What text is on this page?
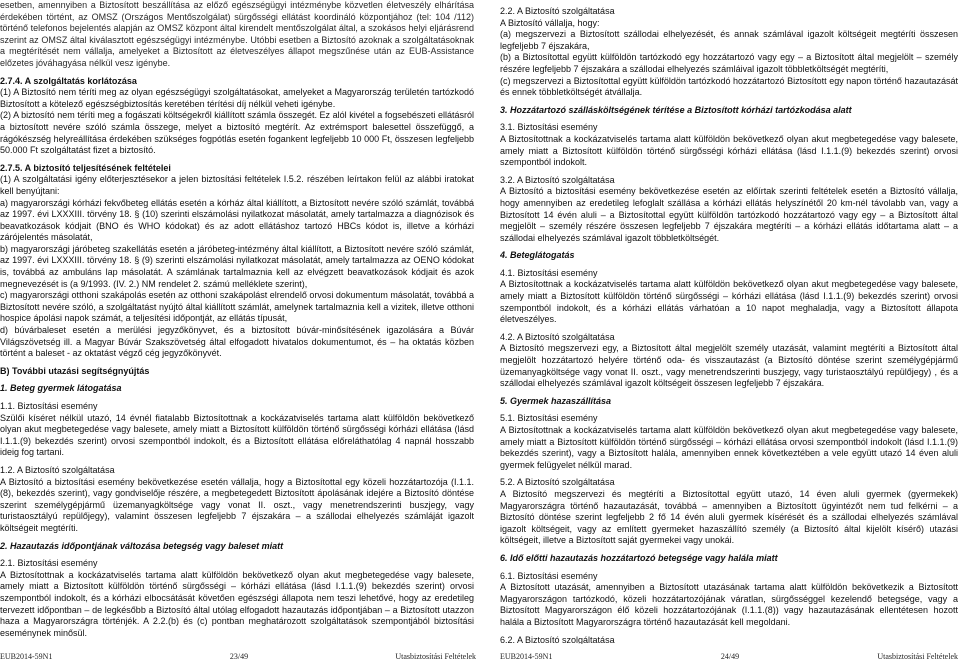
esetben, amennyiben a Biztosított beszállítása az előző egészségügyi intézménybe közvetlen életveszély elhárítása érdekében történt, az OMSZ (Országos Mentőszolgálat) sürgősségi ellátást koordináló központjához (tel: 104 /112) történő telefonos bejelentés alapján az OMSZ központ által kirendelt mentőszolgálat által, a szokásos helyi eljárásrend szerint az OMSZ által kiválasztott egészségügyi intézménybe. Utóbbi esetben a Biztosító azoknak a szolgáltatásoknak a megtérítését nem vállalja, amelyeket a Biztosított az életveszélyes állapot megszűnése után az EUB-Assistance előzetes jóváhagyása nélkül vesz igénybe.

2.7.4. A szolgáltatás korlátozása

(1) A Biztosító nem téríti meg az olyan egészségügyi szolgáltatásokat, amelyeket a Magyarország területén tartózkodó Biztosított a kötelező egészségbiztosítás keretében térítési díj nélkül veheti igénybe.

(2) A biztosító nem téríti meg a fogászati költségekről kiállított számla összegét. Ez alól kivétel a fogsebészeti ellátásról a biztosított nevére szóló számla összege, melyet a biztosító megtérít. Az extrémsport balesettel összefüggő, a rágókészség helyreállítása érdekében szükséges fogpótlás esetén fogankent legfeljebb 10 000 Ft, összesen legfeljebb 50.000 Ft szolgáltatást fizet a biztosító.

2.7.5. A biztosító teljesítésének feltételei

(1) A szolgáltatási igény előterjesztésekor a jelen biztosítási feltételek I.5.2. részében leírtakon felül az alábbi iratokat kell benyújtani:

a) magyarországi kórházi fekvőbeteg ellátás esetén a kórház által kiállított, a Biztosított nevére szóló számlát, továbbá az 1997. évi LXXXIII. törvény 18. § (10) szerinti elszámolási nyilatkozat másolatát, amely tartalmazza a diagnózisok és beavatkozások kódjait (BNO és WHO kódokat) és az adott ellátáshoz tartozó HBCs kódot is, illetve a kórházi zárójelentés másolatát,

b) magyarországi járóbeteg szakellátás esetén a járóbeteg-intézmény által kiállított, a Biztosított nevére szóló számlát, az 1997. évi LXXXIII. törvény 18. § (9) szerinti elszámolási nyilatkozat másolatát, amely tartalmazza az OENO kódokat is, továbbá az ambuláns lap másolatát. A számlának tartalmaznia kell az elvégzett beavatkozások kódjait és azok megnevezését is (a 9/1993. (IV. 2.) NM rendelet 2. számú melléklete szerint),

c) magyarországi otthoni szakápolás esetén az otthoni szakápolást elrendelő orvosi dokumentum másolatát, továbbá a Biztosított nevére szóló, a szolgáltatást nyújtó által kiállított számlát, amelynek tartalmaznia kell a vizitek, illetve otthoni hospice ápolási napok számát, a teljesítési időpontját, az ellátás típusát,

d) búvárbaleset esetén a merülési jegyzőkönyvet, és a biztosított búvár-minősítésének igazolására a Búvár Világszövetség ill. a Magyar Búvár Szakszövetség által elfogadott hivatalos dokumentumot, és – ha oktatás közben történt a baleset - az oktatást végző cég jegyzőkönyvét.

B) További utazási segítségnyújtás

1. Beteg gyermek látogatása

1.1. Biztosítási esemény

Szülői kíséret nélkül utazó, 14 évnél fiatalabb Biztosítottnak a kockázatviselés tartama alatt külföldön bekövetkező olyan akut megbetegedése vagy balesete, amely miatt a Biztosított külföldön történő sürgősségi kórházi ellátása (lásd I.1.1.(9) bekezdés szerint) orvosi szempontból indokolt, és a Biztosított ellátása előreláthatólag 4 napnál hosszabb ideig fog tartani.

1.2. A Biztosító szolgáltatása

A Biztosító a biztosítási esemény bekövetkezése esetén vállalja, hogy a Biztosítottal egy közeli hozzátartozója (I.1.1.(8), bekezdés szerint), vagy gondviselője részére, a megbetegedett Biztosított ápolásának idejére a Biztosító döntése szerint személygépjármű üzemanyagköltsége vagy vonat II. oszt., vagy menetrendszerinti buszjegy, vagy turistaosztályú repülőjegy), valamint összesen legfeljebb 7 éjszakára – a szállodai elhelyezés számláját igazolt költségeit megtéríti.

2. Hazautazás időpontjának változása betegség vagy baleset miatt

2.1. Biztosítási esemény

A Biztosítottnak a kockázatviselés tartama alatt külföldön bekövetkező olyan akut megbetegedése vagy balesete, amely miatt a Biztosított külföldön történő sürgősségi – kórházi ellátása (lásd I.1.1.(9) bekezdés szerint) orvosi szempontból indokolt, és a kórházi elbocsátását követően egészségi állapota nem teszi lehetővé, hogy az eredetileg tervezett időpontban – de legkésőbb a Biztosító által utólag elfogadott hazautazás időpontjában – a Biztosított utazzon haza a Magyarországra történjék. A 2.2.(b) és (c) pontban meghatározott szolgáltatások szempontjából biztosítási eseménynek minősül.

EUB2014-59N1	23/49	Utasbiztosítási Feltételek

2.2. A Biztosító szolgáltatása

A Biztosító vállalja, hogy:

(a) megszervezi a Biztosított szállodai elhelyezését, és annak számlával igazolt költségeit megtéríti összesen legfeljebb 7 éjszakára,

(b) a Biztosítottal együtt külföldön tartózkodó egy hozzátartozó vagy egy – a Biztosított által megjelölt – személy részére legfeljebb 7 éjszakára a szállodai elhelyezés számláival igazolt többletköltségét megtéríti,

(c) megszervezi a Biztosítottal együtt külföldön tartózkodó hozzátartozó Biztosított egy napon történő hazautazását és ennek többletköltségét átvállalja.

3. Hozzátartozó szállásköltségének térítése a Biztosított kórházi tartózkodása alatt

3.1. Biztosítási esemény

A Biztosítottnak a kockázatviselés tartama alatt külföldön bekövetkező olyan akut megbetegedése vagy balesete, amely miatt a Biztosított külföldön történő sürgősségi kórházi ellátása (lásd I.1.1.(9) bekezdés szerint) orvosi szempontból indokolt.

3.2. A Biztosító szolgáltatása

A Biztosító a biztosítási esemény bekövetkezése esetén az előírtak szerinti feltételek esetén a Biztosító vállalja, hogy amennyiben az eredetileg lefoglalt szállása a kórházi ellátás helyszínétől 20 km-nél távolabb van, vagy a Biztosított 14 évén aluli – a Biztosítottal együtt külföldön tartózkodó hozzátartozó vagy egy – a Biztosított által megjelölt – személy részére összesen legfeljebb 7 éjszakára megtéríti – a kórházi ellátás időtartama alatt – a szállodai elhelyezés számlával igazolt többletköltségét.

4. Beteglátogatás

4.1. Biztosítási esemény

A Biztosítottnak a kockázatviselés tartama alatt külföldön bekövetkező olyan akut megbetegedése vagy balesete, amely miatt a Biztosított külföldön történő sürgősségi – kórházi ellátása (lásd I.1.1.(9) bekezdés szerint) orvosi szempontból indokolt, és a kórházi ellátás várhatóan a 10 napot meghaladja, vagy a Biztosított állapota életveszélyes.

4.2. A Biztosító szolgáltatása

A Biztosító megszervezi egy, a Biztosított által megjelölt személy utazását, valamint megtéríti a Biztosított által megjelölt hozzátartozó helyére történő oda- és visszautazást (a Biztosító döntése szerint személygépjármű üzemanyagköltsége vagy vonat II. oszt., vagy menetrendszerinti buszjegy, vagy turistaosztályú repülőjegy) , és a szállodai elhelyezés számlával igazolt költségeit összesen legfeljebb 7 éjszakára.

5. Gyermek hazaszállítása

5.1. Biztosítási esemény

A Biztosítottnak a kockázatviselés tartama alatt külföldön bekövetkező olyan akut megbetegedése vagy balesete, amely miatt a Biztosított külföldön történő sürgősségi – kórházi ellátása orvosi szempontból indokolt (lásd I.1.1.(9) bekezdés szerint), vagy a Biztosított halála, amennyiben ennek következtében a vele együtt utazó 14 éven aluli gyermek felügyelet nélkül marad.

5.2. A Biztosító szolgáltatása

A Biztosító megszervezi és megtéríti a Biztosítottal együtt utazó, 14 éven aluli gyermek (gyermekek) Magyarországra történő hazautazását, továbbá – amennyiben a Biztosított ügyintézőt nem tud felkérni – a Biztosító döntése szerint legfeljebb 2 fő 14 évén aluli gyermek kísérését és a szállodai elhelyezés számlával igazolt költségeit, vagy az említett gyermeket hazaszállító személy (a Biztosító által kijelölt kísérő) utazási költségeit, illetve a Biztosított saját gyermekei vagy unokái.

6. Idő előtti hazautazás hozzátartozó betegsége vagy halála miatt

6.1. Biztosítási esemény

A Biztosított utazását, amennyiben a Biztosított utazásának tartama alatt külföldön bekövetkezik a Biztosított Magyarországon tartózkodó, közeli hozzátartozójának váratlan, sürgősséggel kezelendő betegsége, vagy a Biztosított Magyarországon élő közeli hozzátartozójának (I.1.1.(8)) vagy hazautazásának ellentétesen hozott halála a Biztosított Magyarországra történő hazautazását kell megoldani.

6.2. A Biztosító szolgáltatása

EUB2014-59N1	24/49	Utasbiztosítási Feltételek
